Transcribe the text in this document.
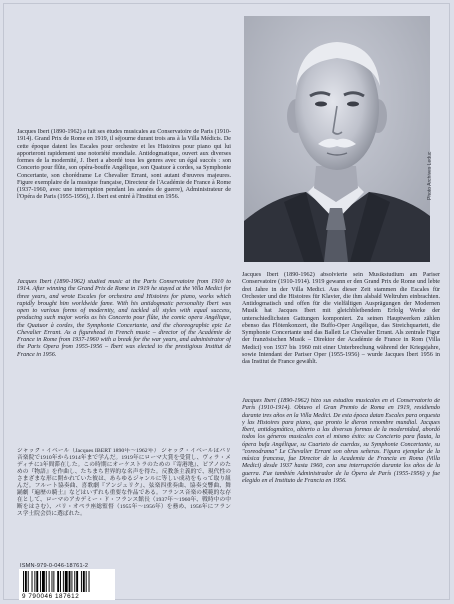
Photo Archives Leduc

Jacques Ibert (1890-1962) a fait ses études musicales au Conservatoire de Paris (1910-1914). Grand Prix de Rome en 1919, il séjourne durant trois ans à la Villa Médicis. De cette époque datent les Escales pour orchestre et les Histoires pour piano qui lui apporteront rapidement une notoriété mondiale. Antidogmatique, ouvert aux diverses formes de la modernité, J. Ibert a abordé tous les genres avec un égal succès : son Concerto pour flûte, son opéra-bouffe Angélique, son Quatuor à cordes, sa Symphonie Concertante, son chorédrame Le Chevalier Errant, sont autant d'œuvres majeures. Figure exemplaire de la musique française, Directeur de l'Académie de France à Rome (1937-1960, avec une interruption pendant les années de guerre), Administrateur de l'Opéra de Paris (1955-1956), J. Ibert est entré à l'Institut en 1956.

Jacques Ibert (1890-1962) studied music at the Paris Conservatoire from 1910 to 1914. After winning the Grand Prix de Rome in 1919 he stayed at the Villa Medici for three years, and wrote Escales for orchestra and Histoires for piano, works which rapidly brought him worldwide fame. With his antidogmatic personality Ibert was open to various forms of modernity, and tackled all styles with equal success, producing such major works as his Concerto pour flûte, the comic opera Angélique, the Quatuor à cordes, the Symphonie Concertante, and the choreographic epic Le Chevalier Errant. As a figurehead in French music – director of the Académie de France in Rome from 1937-1960 with a break for the war years, and administrator of the Paris Opera from 1955-1956 – Ibert was elected to the prestigious Institut de France in 1956.

ジャック・イベール（Jacques IBERT 1890年〜1962年） ジャック・イベールはパリ音楽院で1910年から1914年まで学んだ。1919年にローマ大賞を受賞し、ヴィラ・メディチに3年間滞在した。この時期にオーケストラのための『寄港地』、ピアノのための『物語』を作曲し、たちまち世界的な名声を得た。反教条主義的で、現代性のさまざまな形に開かれていた彼は、あらゆるジャンルに等しい成功をもって取り組んだ。フルート協奏曲、喜歌劇『アンジェリク』、弦楽四重奏曲、協奏交響曲、舞踊劇『遍歴の騎士』などはいずれも重要な作品である。フランス音楽の模範的な存在として、ローマのアカデミー・ド・フランス館長（1937年〜1960年、戦時中の中断をはさむ）、パリ・オペラ座総監督（1955年〜1956年）を務め、1956年にフランス学士院会員に選ばれた。

Jacques Ibert (1890-1962) absolvierte sein Musikstudium am Pariser Conservatoire (1910-1914). 1919 gewann er den Grand Prix de Rome und lebte drei Jahre in der Villa Medici. Aus dieser Zeit stammen die Escales für Orchester und die Histoires für Klavier, die ihm alsbald Weltruhm einbrachten. Antidogmatisch und offen für die vielfältigen Ausprägungen der Modernen Musik hat Jacques Ibert mit gleichbleibendem Erfolg Werke der unterschiedlichsten Gattungen komponiert. Zu seinen Hauptwerken zählen ebenso das Flötenkonzert, die Buffo-Oper Angélique, das Streichquartett, die Symphonie Concertante und das Ballett Le Chevalier Errant. Als zentrale Figur der französischen Musik – Direktor der Académie de France in Rom (Villa Medici) von 1937 bis 1960 mit einer Unterbrechung während der Kriegsjahre, sowie Intendant der Pariser Oper (1955-1956) – wurde Jacques Ibert 1956 in das Institut de France gewählt.

Jacques Ibert (1890-1962) hizo sus estudios musicales en el Conservatorio de París (1910-1914). Obtuvo el Gran Premio de Roma en 1919, residiendo durante tres años en la Villa Medici. De esta época datan Escales para orquesta y las Histoires para piano, que pronto le dieron renombre mundial. Jacques Ibert, antidogmático, abierto a las diversas formas de la modernidad, abordó todos los géneros musicales con el mismo éxito: su Concierto para flauta, la ópera bufa Angélique, su Cuarteto de cuerdas, su Symphonie Concertante, su "coreodrama" Le Chevalier Errant son obras señeras. Figura ejemplar de la música francesa, fue Director de la Academia de Francia en Roma (Villa Medici) desde 1937 hasta 1960, con una interrupción durante los años de la guerra. Fue también Administrador de la Ópera de París (1955-1956) y fue elegido en el Instituto de Francia en 1956.

ISMN-979-0-046-18761-2
9 790046 187612
